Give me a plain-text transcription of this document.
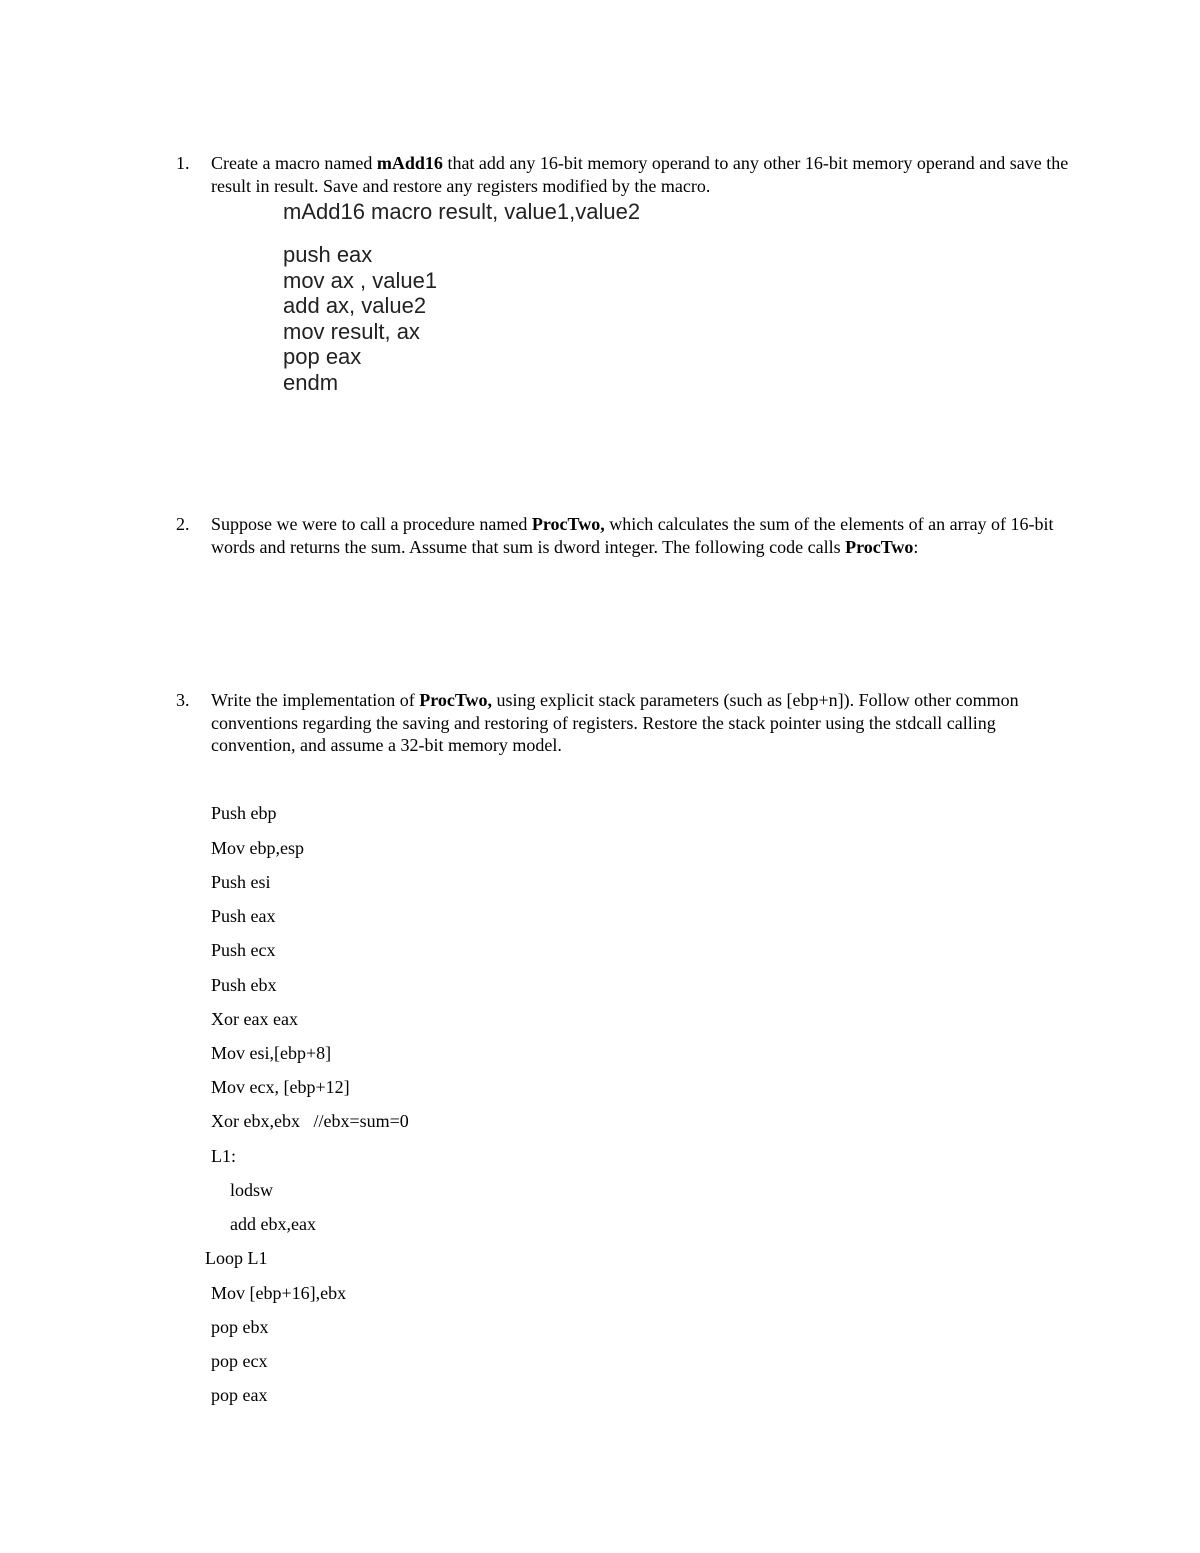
1. Create a macro named mAdd16 that add any 16-bit memory operand to any other 16-bit memory operand and save the result in result. Save and restore any registers modified by the macro.
mAdd16 macro result, value1,value2
push eax
mov ax , value1
add ax, value2
mov result, ax
pop eax
endm
2. Suppose we were to call a procedure named ProcTwo, which calculates the sum of the elements of an array of 16-bit words and returns the sum. Assume that sum is dword integer. The following code calls ProcTwo:
3. Write the implementation of ProcTwo, using explicit stack parameters (such as [ebp+n]). Follow other common conventions regarding the saving and restoring of registers. Restore the stack pointer using the stdcall calling convention, and assume a 32-bit memory model.
Push ebp
Mov ebp,esp
Push esi
Push eax
Push ecx
Push ebx
Xor eax eax
Mov esi,[ebp+8]
Mov ecx, [ebp+12]
Xor ebx,ebx   //ebx=sum=0
L1:
lodsw
add ebx,eax
Loop L1
Mov [ebp+16],ebx
pop ebx
pop ecx
pop eax
